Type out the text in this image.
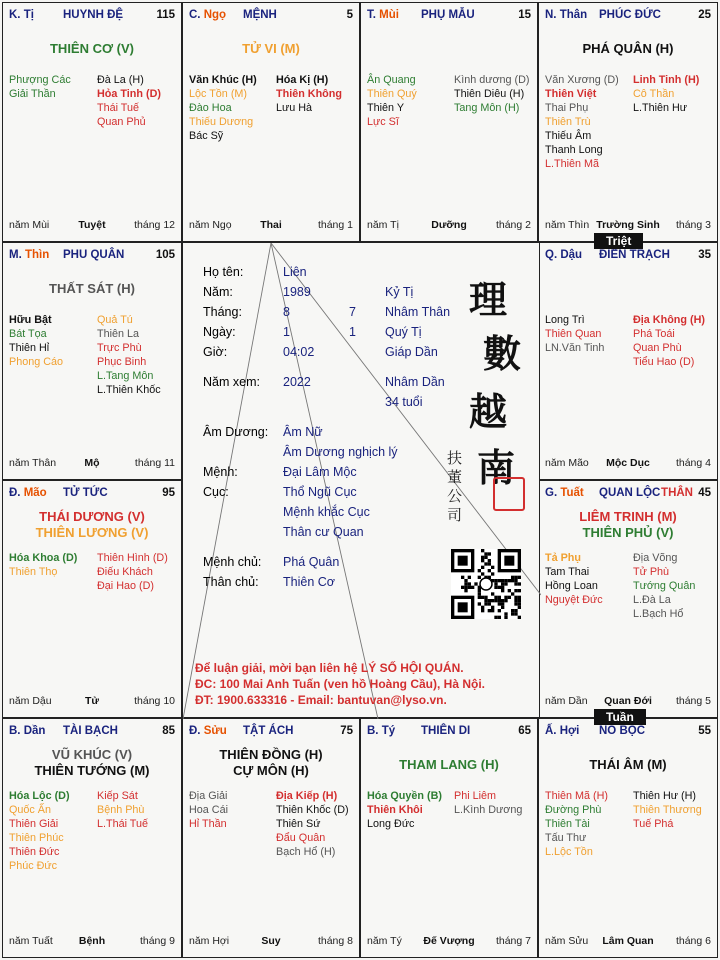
K. Tị	HUYNH ĐỆ	115
THIÊN CƠ (V)
Phượng Các
Giải Thần
Đà La (H)
Hỏa Tinh (D)
Thái Tuế
Quan Phủ
năm Mùi	Tuyệt	tháng 12
C. Ngọ MỆNH	5
TỬ VI (M)
Văn Khúc (H)
Lộc Tồn (M)
Đào Hoa
Thiếu Dương
Bác Sỹ
Hóa Kị (H)
Thiên Không
Lưu Hà
năm Ngọ	Thai	tháng 1
T. Mùi PHỤ MẪU	15
Ân Quang
Thiên Quý
Thiên Y
Lực Sĩ
Kình dương (D)
Thiên Diêu (H)
Tang Môn (H)
năm Tị	Dưỡng	tháng 2
N. Thân PHÚC ĐỨC	25
PHÁ QUÂN (H)
Văn Xương (D)
Thiên Việt
Thai Phụ
Thiên Trù
Thiếu Âm
Thanh Long
L.Thiên Mã
Linh Tinh (H)
Cô Thần
L.Thiên Hư
năm Thìn Trường Sinh	tháng 3
M. Thìn PHU QUÂN	105
THẤT SÁT (H)
Hữu Bật
Bát Tọa
Thiên Hỉ
Phong Cáo
Quả Tú
Thiên La
Trực Phù
Phục Binh
L.Tang Môn
L.Thiên Khốc
năm Thân	Mộ	tháng 11
Q. Dậu ĐIỀN TRẠCH 35
Long Trì
Thiên Quan
LN.Văn Tinh
Địa Không (H)
Phá Toái
Quan Phù
Tiểu Hao (D)
năm Mão	Mộc Dục	tháng 4
Đ. Mão TỬ TỨC	95
THÁI DƯƠNG (V)
THIÊN LƯƠNG (V)
Hóa Khoa (D)
Thiên Thọ
Thiên Hình (D)
Điếu Khách
Đại Hao (D)
năm Dậu	Tử	tháng 10
G. Tuất QUAN LỘC THÂN 45
LIÊM TRINH (M)
THIÊN PHỦ (V)
Tả Phụ
Tam Thai
Hồng Loan
Nguyệt Đức
Địa Võng
Tử Phù
Tướng Quân
L.Đà La
L.Bạch Hổ
năm Dần	Quan Đới	tháng 5
B. Dần TÀI BẠCH	85
VŨ KHÚC (V)
THIÊN TƯỚNG (M)
Hóa Lộc (D)
Quốc Ấn
Thiên Giải
Thiên Phúc
Thiên Đức
Phúc Đức
Kiếp Sát
Bệnh Phù
L.Thái Tuế
năm Tuất	Bệnh	tháng 9
Đ. Sửu TẬT ÁCH	75
THIÊN ĐỒNG (H)
CỰ MÔN (H)
Địa Giải
Hoa Cái
Hỉ Thần
Địa Kiếp (H)
Thiên Khốc (D)
Thiên Sứ
Đẩu Quân
Bạch Hổ (H)
năm Hợi	Suy	tháng 8
B. Tý THIÊN DI	65
THAM LANG (H)
Hóa Quyền (B)
Thiên Khôi
Long Đức
Phi Liêm
L.Kình Dương
năm Tý	Đế Vượng	tháng 7
Ấ. Hợi NÔ BỘC	55
THÁI ÂM (M)
Thiên Mã (H)
Đường Phù
Thiên Tài
Tấu Thư
L.Lộc Tồn
Thiên Hư (H)
Thiên Thương
Tuế Phá
năm Sửu	Lâm Quan	tháng 6
Họ tên:	Liên
Năm:	1989	Kỷ Tị
Tháng:	8	7 Nhâm Thân
Ngày:	1	1 Quý Tị
Giờ:	04:02	Giáp Dần
Năm xem: 2022	Nhâm Dần
34 tuổi
Âm Dương: Âm Nữ
Âm Dương nghịch lý
Mệnh:	Đại Lâm Mộc
Cục:	Thổ Ngũ Cục
Mệnh khắc Cục
Thân cư Quan
Mệnh chủ: Phá Quân
Thân chủ: Thiên Cơ
理
數
越
南
扶
董
公
司
Để luận giải, mời bạn liên hệ LÝ SỐ HỘI QUÁN.
ĐC: 100 Mai Anh Tuấn (ven hồ Hoàng Cầu), Hà Nội.
ĐT: 1900.633316 - Email: bantuvan@lyso.vn.
Triệt
Tuần
